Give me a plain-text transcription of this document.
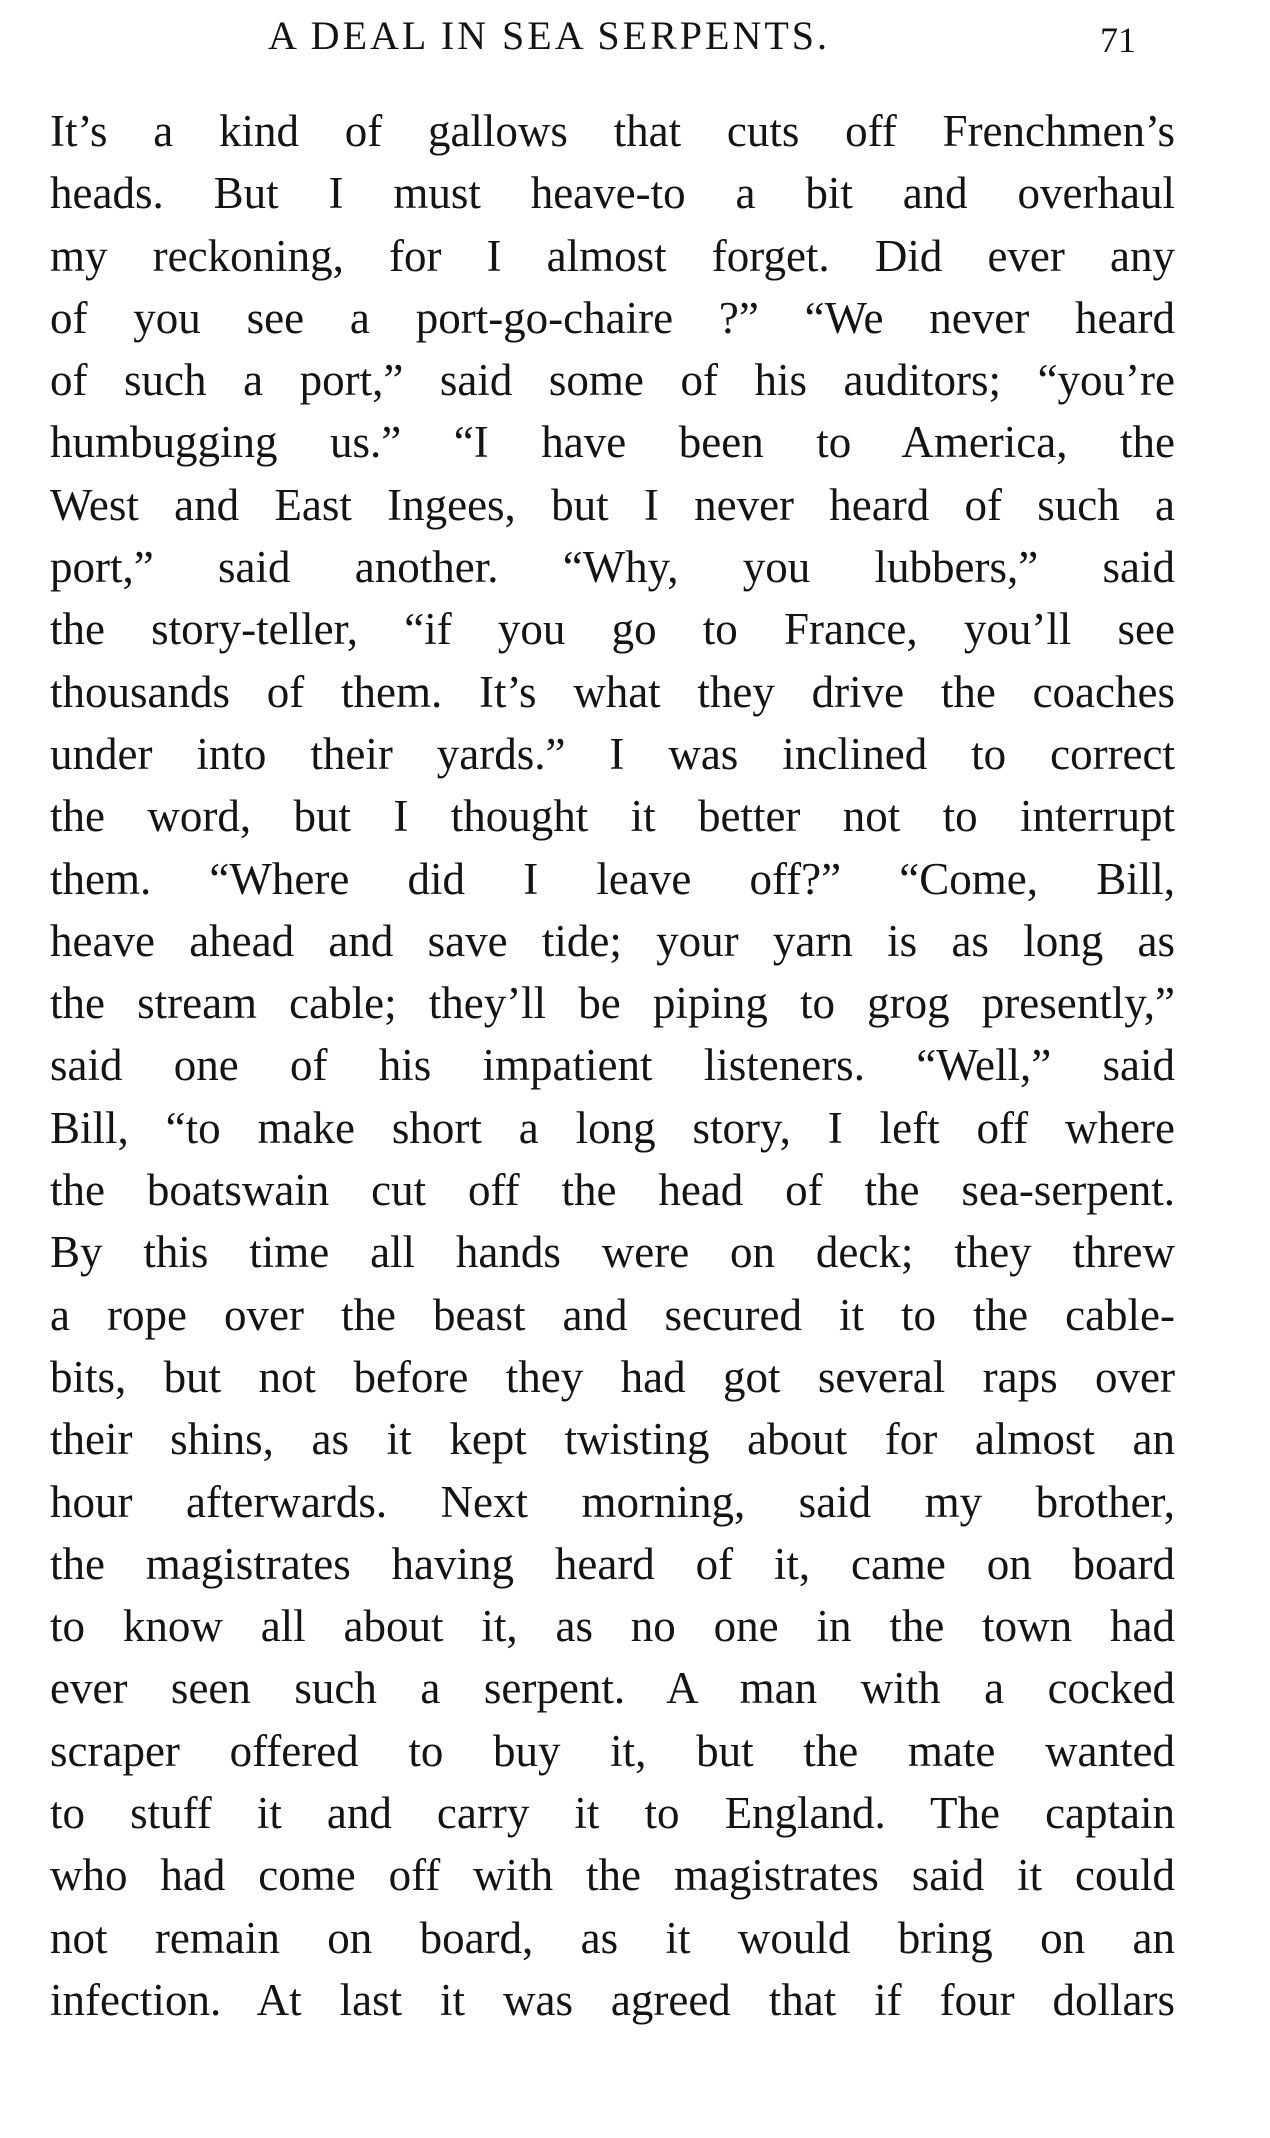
A DEAL IN SEA SERPENTS.	71
It’s a kind of gallows that cuts off Frenchmen’s
heads. But I must heave-to a bit and overhaul
my reckoning, for I almost forget. Did ever any
of you see a port-go-chaire ?” “We never heard
of such a port,” said some of his auditors; “you’re
humbugging us.” “I have been to America, the
West and East Ingees, but I never heard of such a
port,” said another. “Why, you lubbers,” said
the story-teller, “if you go to France, you’ll see
thousands of them. It’s what they drive the coaches
under into their yards.” I was inclined to correct
the word, but I thought it better not to interrupt
them. “Where did I leave off?” “Come, Bill,
heave ahead and save tide; your yarn is as long as
the stream cable; they’ll be piping to grog presently,”
said one of his impatient listeners. “Well,” said
Bill, “to make short a long story, I left off where
the boatswain cut off the head of the sea-serpent.
By this time all hands were on deck; they threw
a rope over the beast and secured it to the cable-
bits, but not before they had got several raps over
their shins, as it kept twisting about for almost an
hour afterwards. Next morning, said my brother,
the magistrates having heard of it, came on board
to know all about it, as no one in the town had
ever seen such a serpent. A man with a cocked
scraper offered to buy it, but the mate wanted
to stuff it and carry it to England. The captain
who had come off with the magistrates said it could
not remain on board, as it would bring on an
infection. At last it was agreed that if four dollars
